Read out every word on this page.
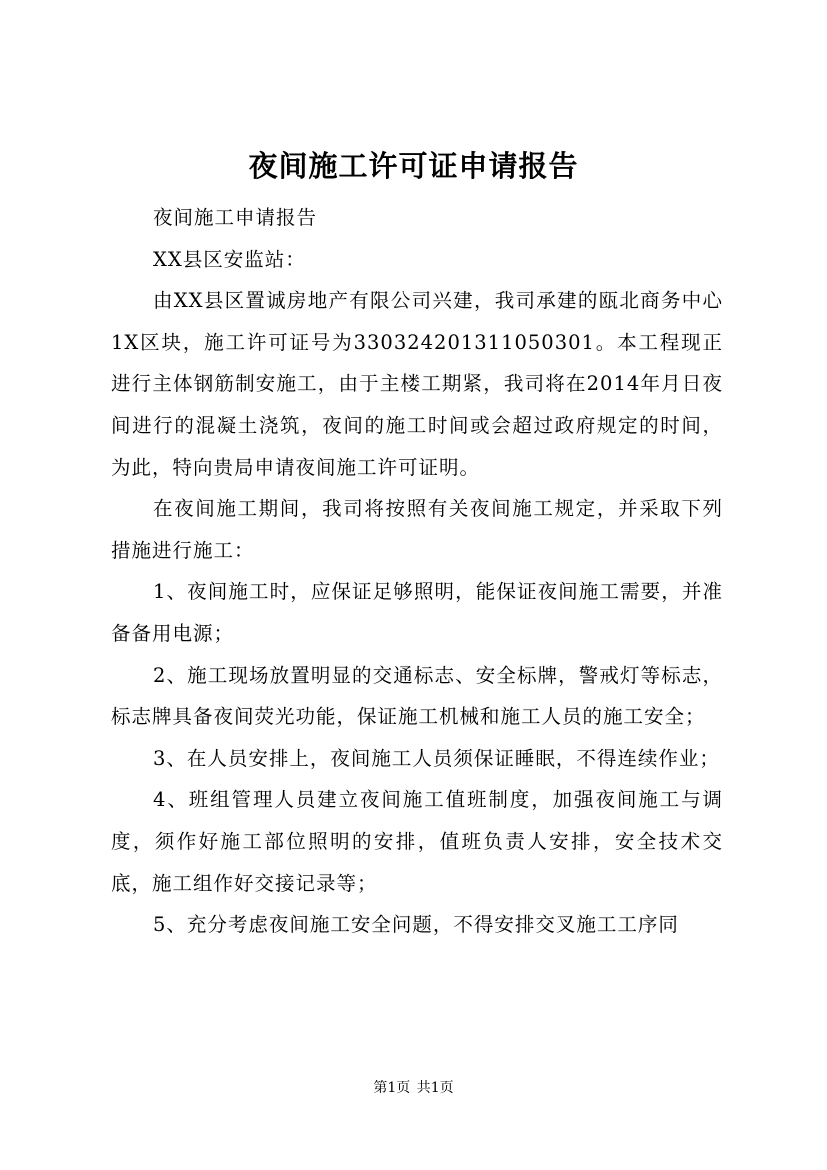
夜间施工许可证申请报告

夜间施工申请报告

XX县区安监站：

由XX县区置诚房地产有限公司兴建，我司承建的瓯北商务中心1X区块，施工许可证号为330324201311050301。本工程现正进行主体钢筋制安施工，由于主楼工期紧，我司将在2014年月日夜间进行的混凝土浇筑，夜间的施工时间或会超过政府规定的时间，为此，特向贵局申请夜间施工许可证明。

在夜间施工期间，我司将按照有关夜间施工规定，并采取下列措施进行施工：

1、夜间施工时，应保证足够照明，能保证夜间施工需要，并准备备用电源；

2、施工现场放置明显的交通标志、安全标牌，警戒灯等标志，标志牌具备夜间荧光功能，保证施工机械和施工人员的施工安全；

3、在人员安排上，夜间施工人员须保证睡眠，不得连续作业；

4、班组管理人员建立夜间施工值班制度，加强夜间施工与调度，须作好施工部位照明的安排，值班负责人安排，安全技术交底，施工组作好交接记录等；

5、充分考虑夜间施工安全问题，不得安排交叉施工工序同

第1页 共1页
